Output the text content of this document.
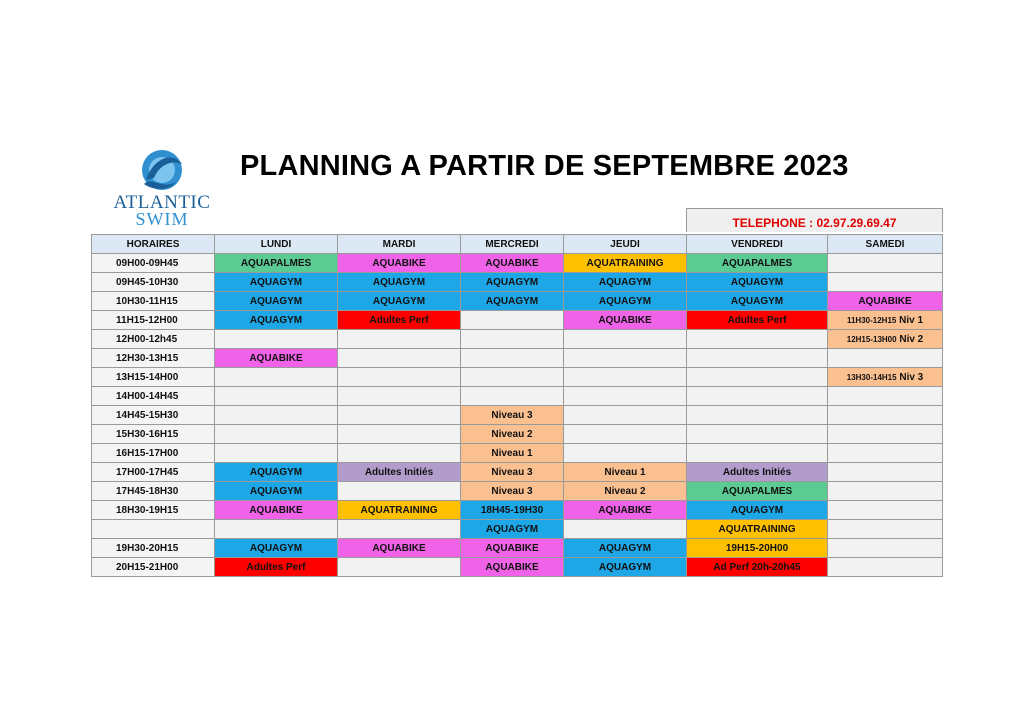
ATLANTIC
SWIM
PLANNING A PARTIR DE SEPTEMBRE 2023
TELEPHONE : 02.97.29.69.47
HORAIRES	LUNDI	MARDI	MERCREDI	JEUDI	VENDREDI	SAMEDI
09H00-09H45	AQUAPALMES	AQUABIKE	AQUABIKE	AQUATRAINING	AQUAPALMES	
09H45-10H30	AQUAGYM	AQUAGYM	AQUAGYM	AQUAGYM	AQUAGYM	
10H30-11H15	AQUAGYM	AQUAGYM	AQUAGYM	AQUAGYM	AQUAGYM	AQUABIKE
11H15-12H00	AQUAGYM	Adultes Perf		AQUABIKE	Adultes Perf	11H30-12H15 Niv 1
12H00-12h45						12H15-13H00 Niv 2
12H30-13H15	AQUABIKE					
13H15-14H00						13H30-14H15 Niv 3
14H00-14H45						
14H45-15H30			Niveau 3			
15H30-16H15			Niveau 2			
16H15-17H00			Niveau 1			
17H00-17H45	AQUAGYM	Adultes Initiés	Niveau 3	Niveau 1	Adultes Initiés	
17H45-18H30	AQUAGYM		Niveau 3	Niveau 2	AQUAPALMES	
18H30-19H15	AQUABIKE	AQUATRAINING	18H45-19H30	AQUABIKE	AQUAGYM	
			AQUAGYM		AQUATRAINING	
19H30-20H15	AQUAGYM	AQUABIKE	AQUABIKE	AQUAGYM	19H15-20H00	
20H15-21H00	Adultes Perf		AQUABIKE	AQUAGYM	Ad Perf 20h-20h45	
